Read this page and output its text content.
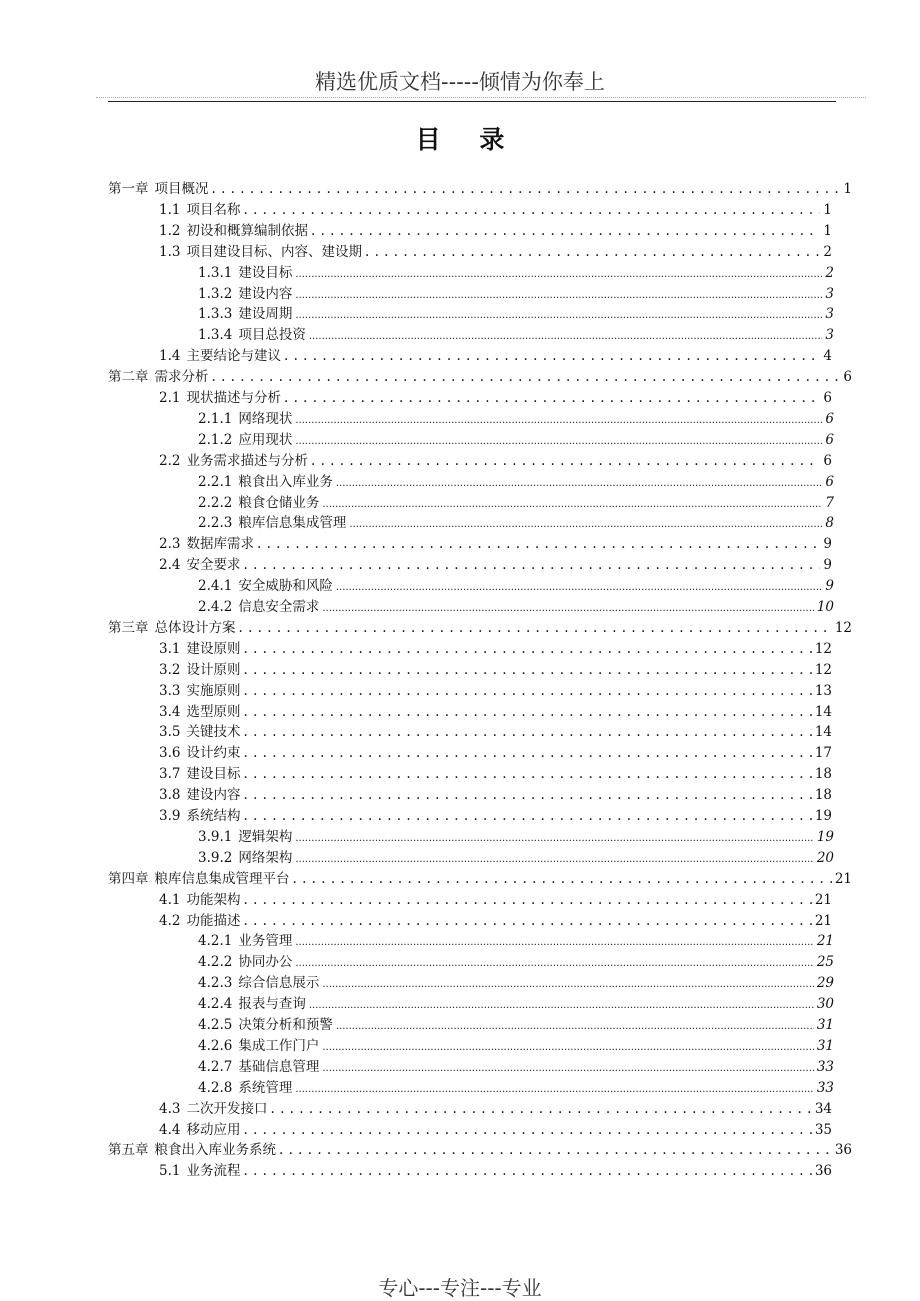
精选优质文档-----倾情为你奉上
目 录
第一章 项目概况 . . .	1
1.1 项目名称 . . .	1
1.2 初设和概算编制依据 . . .	1
1.3 项目建设目标、内容、建设期 . . .	2
1.3.1 建设目标 .....	2
1.3.2 建设内容 .....	3
1.3.3 建设周期 .....	3
1.3.4 项目总投资 .....	3
1.4 主要结论与建议 . . .	4
第二章 需求分析 . . .	6
2.1 现状描述与分析 . . .	6
2.1.1 网络现状 .....	6
2.1.2 应用现状 .....	6
2.2 业务需求描述与分析 . . .	6
2.2.1 粮食出入库业务 .....	6
2.2.2 粮食仓储业务 .....	7
2.2.3 粮库信息集成管理 .....	8
2.3 数据库需求 . . .	9
2.4 安全要求 . . .	9
2.4.1 安全威胁和风险 .....	9
2.4.2 信息安全需求 .....	10
第三章 总体设计方案 . . .	12
3.1 建设原则 . . .	12
3.2 设计原则 . . .	12
3.3 实施原则 . . .	13
3.4 选型原则 . . .	14
3.5 关键技术 . . .	14
3.6 设计约束 . . .	17
3.7 建设目标 . . .	18
3.8 建设内容 . . .	18
3.9 系统结构 . . .	19
3.9.1 逻辑架构 .....	19
3.9.2 网络架构 .....	20
第四章 粮库信息集成管理平台 . . .	21
4.1 功能架构 . . .	21
4.2 功能描述 . . .	21
4.2.1 业务管理 .....	21
4.2.2 协同办公 .....	25
4.2.3 综合信息展示 .....	29
4.2.4 报表与查询 .....	30
4.2.5 决策分析和预警 .....	31
4.2.6 集成工作门户 .....	31
4.2.7 基础信息管理 .....	33
4.2.8 系统管理 .....	33
4.3 二次开发接口 . . .	34
4.4 移动应用 . . .	35
第五章 粮食出入库业务系统 . . .	36
5.1 业务流程 . . .	36
专心---专注---专业
